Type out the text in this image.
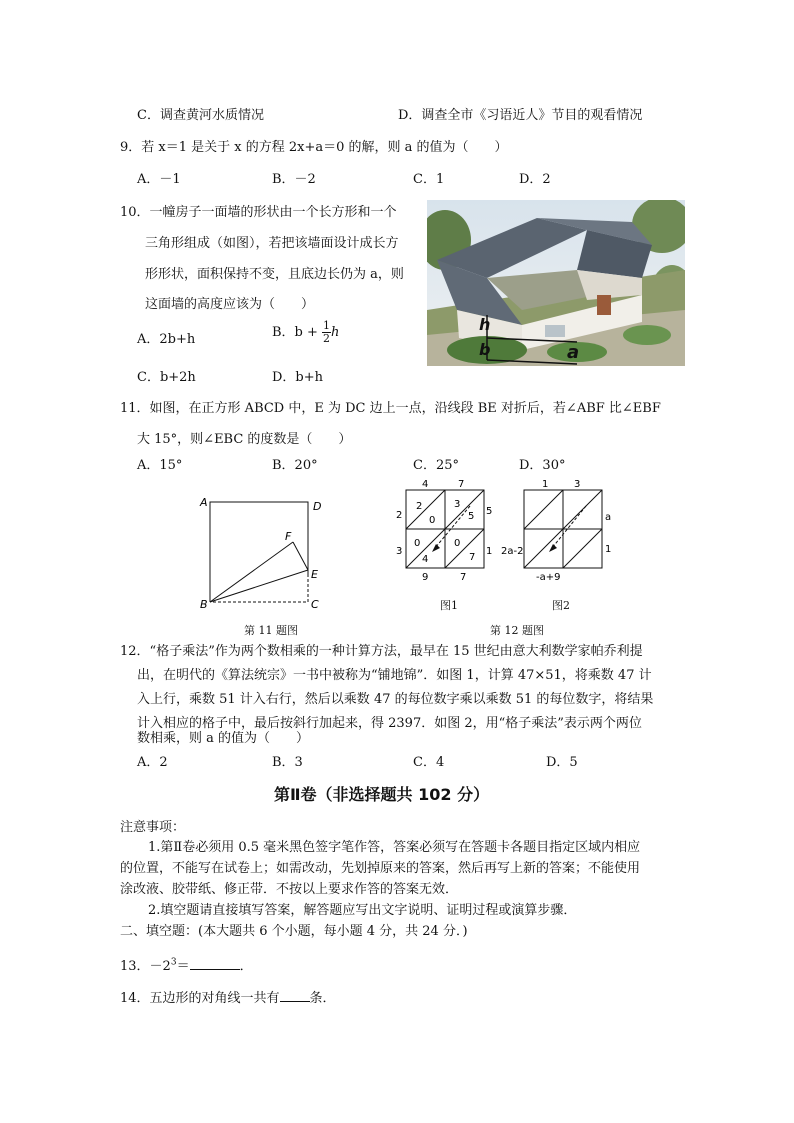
C．调查黄河水质情况	D．调查全市《习语近人》节目的观看情况
9．若 x＝1 是关于 x 的方程 2x+a＝0 的解，则 a 的值为（　　）
A．－1	B．－2	C．1	D．2
10．一幢房子一面墙的形状由一个长方形和一个
三角形组成（如图），若把该墙面设计成长方
形形状，面积保持不变，且底边长仍为 a，则
这面墙的高度应该为（　　）
A．2b+h	B．$b + \frac{1}{2}$ h
C．b+2h	D．b+h
h
b	a
11．如图，在正方形 ABCD 中，E 为 DC 边上一点，沿线段 BE 对折后，若∠ABF 比∠EBF
大 15°，则∠EBC 的度数是（　　）
A．15°	B．20°	C．25°	D．30°
A	D
B	C
E
F
第 11 题图
4	7
5
1
2
3
9	7
2
0
3
5
0
4
0
7
图1
1	3
a
1
2a-2
-a+9
图2
第 12 题图
12．“格子乘法”作为两个数相乘的一种计算方法，最早在 15 世纪由意大利数学家帕乔利提
出，在明代的《算法统宗》一书中被称为“铺地锦”．如图 1，计算 47×51，将乘数 47 计
入上行，乘数 51 计入右行，然后以乘数 47 的每位数字乘以乘数 51 的每位数字，将结果
计入相应的格子中，最后按斜行加起来，得 2397．如图 2，用“格子乘法”表示两个两位
数相乘，则 a 的值为（　　）
A．2	B．3	C．4	D．5
第Ⅱ卷（非选择题共 102 分）
注意事项：
1.第Ⅱ卷必须用 0.5 毫米黑色签字笔作答，答案必须写在答题卡各题目指定区域内相应
的位置，不能写在试卷上；如需改动，先划掉原来的答案，然后再写上新的答案；不能使用
涂改液、胶带纸、修正带．不按以上要求作答的答案无效．
2.填空题请直接填写答案，解答题应写出文字说明、证明过程或演算步骤．
二、填空题：(本大题共 6 个小题，每小题 4 分，共 24 分．)
13．$-2^3=$	．
14．五边形的对角线一共有 条．
